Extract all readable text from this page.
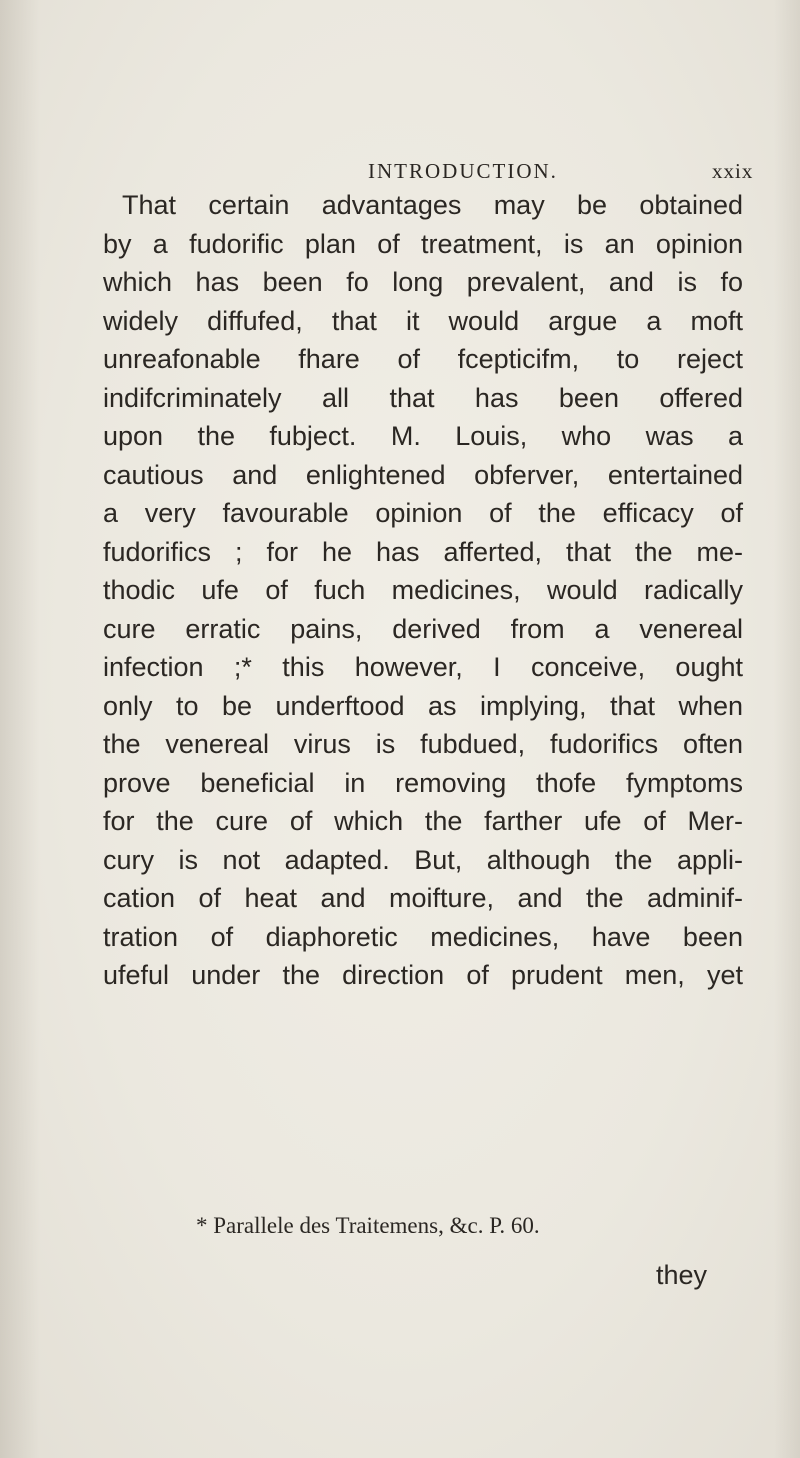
INTRODUCTION.	xxix
That certain advantages may be obtained
by a fudorific plan of treatment, is an opinion
which has been fo long prevalent, and is fo
widely diffufed, that it would argue a moft
unreafonable fhare of fcepticifm, to reject
indifcriminately all that has been offered
upon the fubject. M. Louis, who was a
cautious and enlightened obferver, entertained
a very favourable opinion of the efficacy of
fudorifics ; for he has afferted, that the me-
thodic ufe of fuch medicines, would radically
cure erratic pains, derived from a venereal
infection ;* this however, I conceive, ought
only to be underftood as implying, that when
the venereal virus is fubdued, fudorifics often
prove beneficial in removing thofe fymptoms
for the cure of which the farther ufe of Mer-
cury is not adapted. But, although the appli-
cation of heat and moifture, and the adminif-
tration of diaphoretic medicines, have been
ufeful under the direction of prudent men, yet
* Parallele des Traitemens, &c. P. 60.
they
